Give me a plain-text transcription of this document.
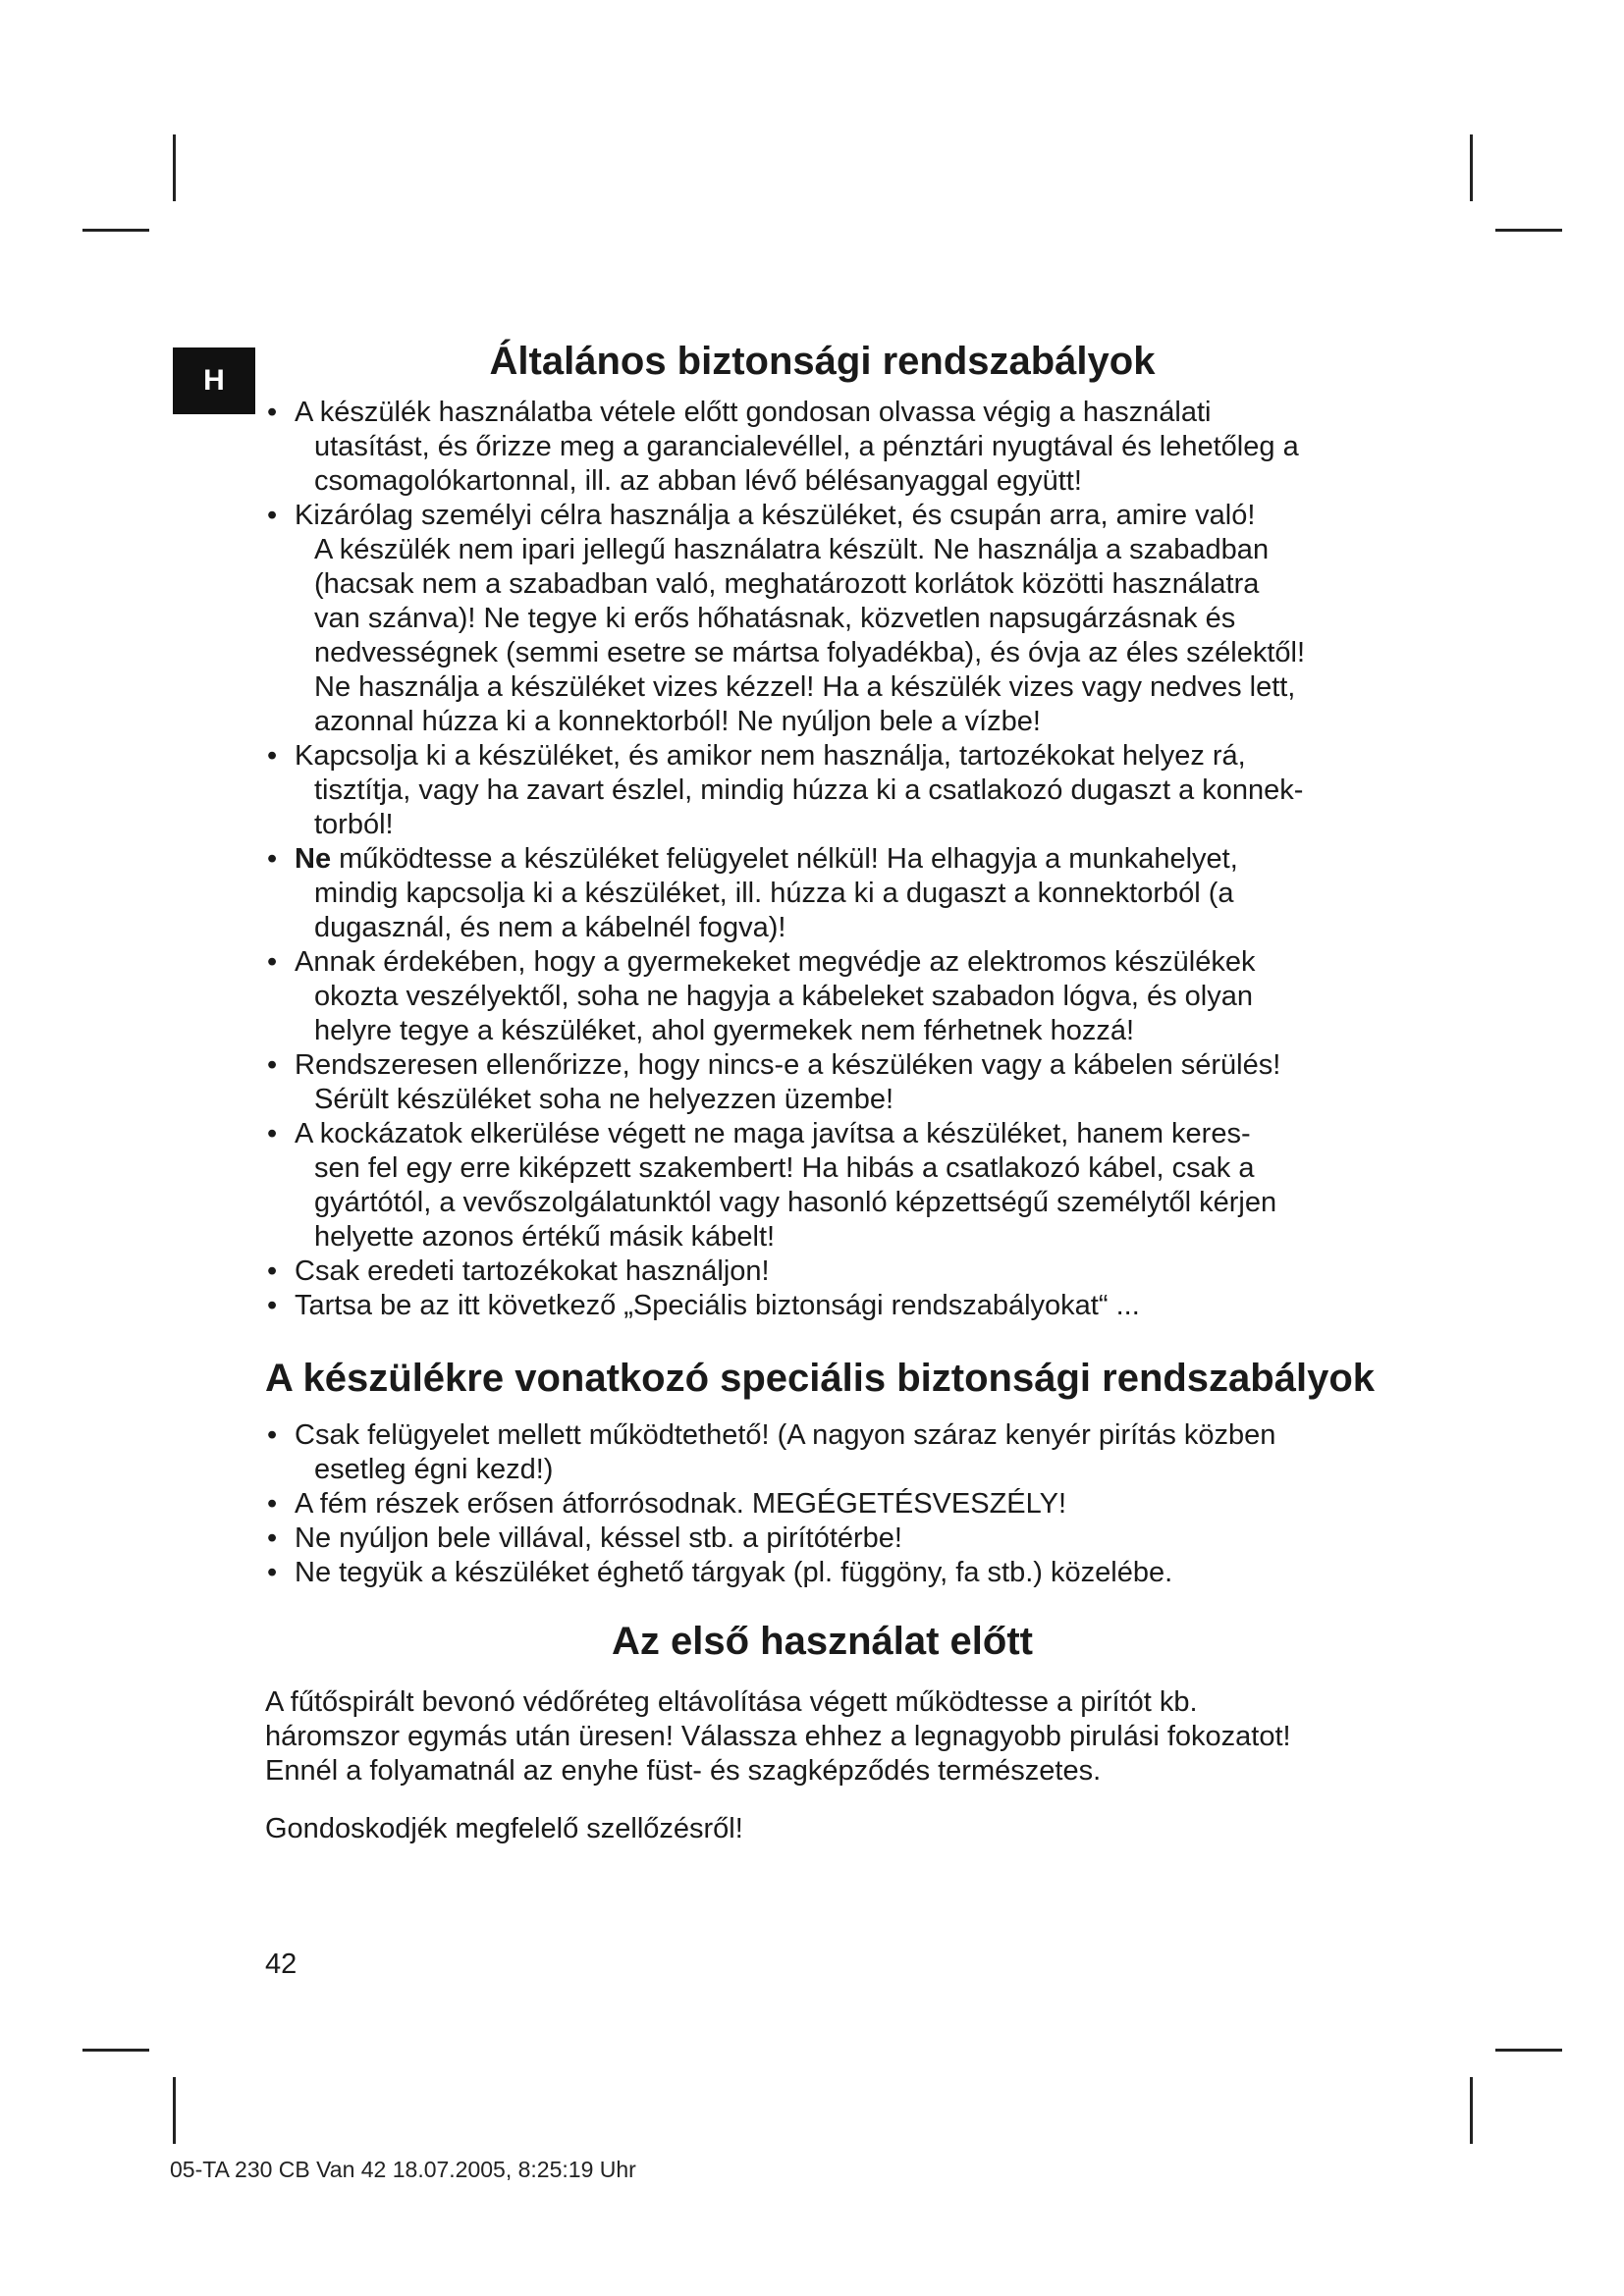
H	Általános biztonsági rendszabályok
• A készülék használatba vétele előtt gondosan olvassa végig a használati
utasítást, és őrizze meg a garancialevéllel, a pénztári nyugtával és lehetőleg a
csomagolókartonnal, ill. az abban lévő bélésanyaggal együtt!
• Kizárólag személyi célra használja a készüléket, és csupán arra, amire való!
A készülék nem ipari jellegű használatra készült. Ne használja a szabadban
(hacsak nem a szabadban való, meghatározott korlátok közötti használatra
van szánva)! Ne tegye ki erős hőhatásnak, közvetlen napsugárzásnak és
nedvességnek (semmi esetre se mártsa folyadékba), és óvja az éles szélektől!
Ne használja a készüléket vizes kézzel! Ha a készülék vizes vagy nedves lett,
azonnal húzza ki a konnektorból! Ne nyúljon bele a vízbe!
• Kapcsolja ki a készüléket, és amikor nem használja, tartozékokat helyez rá,
tisztítja, vagy ha zavart észlel, mindig húzza ki a csatlakozó dugaszt a konnek-
torból!
• Ne működtesse a készüléket felügyelet nélkül! Ha elhagyja a munkahelyet,
mindig kapcsolja ki a készüléket, ill. húzza ki a dugaszt a konnektorból (a
dugasznál, és nem a kábelnél fogva)!
• Annak érdekében, hogy a gyermekeket megvédje az elektromos készülékek
okozta veszélyektől, soha ne hagyja a kábeleket szabadon lógva, és olyan
helyre tegye a készüléket, ahol gyermekek nem férhetnek hozzá!
• Rendszeresen ellenőrizze, hogy nincs-e a készüléken vagy a kábelen sérülés!
Sérült készüléket soha ne helyezzen üzembe!
• A kockázatok elkerülése végett ne maga javítsa a készüléket, hanem keres-
sen fel egy erre kiképzett szakembert! Ha hibás a csatlakozó kábel, csak a
gyártótól, a vevőszolgálatunktól vagy hasonló képzettségű személytől kérjen
helyette azonos értékű másik kábelt!
• Csak eredeti tartozékokat használjon!
• Tartsa be az itt következő „Speciális biztonsági rendszabályokat“ ...
A készülékre vonatkozó speciális biztonsági rendszabályok
• Csak felügyelet mellett működtethető! (A nagyon száraz kenyér pirítás közben
esetleg égni kezd!)
• A fém részek erősen átforrósodnak. MEGÉGETÉSVESZÉLY!
• Ne nyúljon bele villával, késsel stb. a pirítótérbe!
• Ne tegyük a készüléket éghető tárgyak (pl. függöny, fa stb.) közelébe.
Az első használat előtt

A fűtőspirált bevonó védőréteg eltávolítása végett működtesse a pirítót kb.
háromszor egymás után üresen! Válassza ehhez a legnagyobb pirulási fokozatot!
Ennél a folyamatnál az enyhe füst- és szagképződés természetes.

Gondoskodjék megfelelő szellőzésről!

42
05-TA 230 CB Van 42 18.07.2005, 8:25:19 Uhr
